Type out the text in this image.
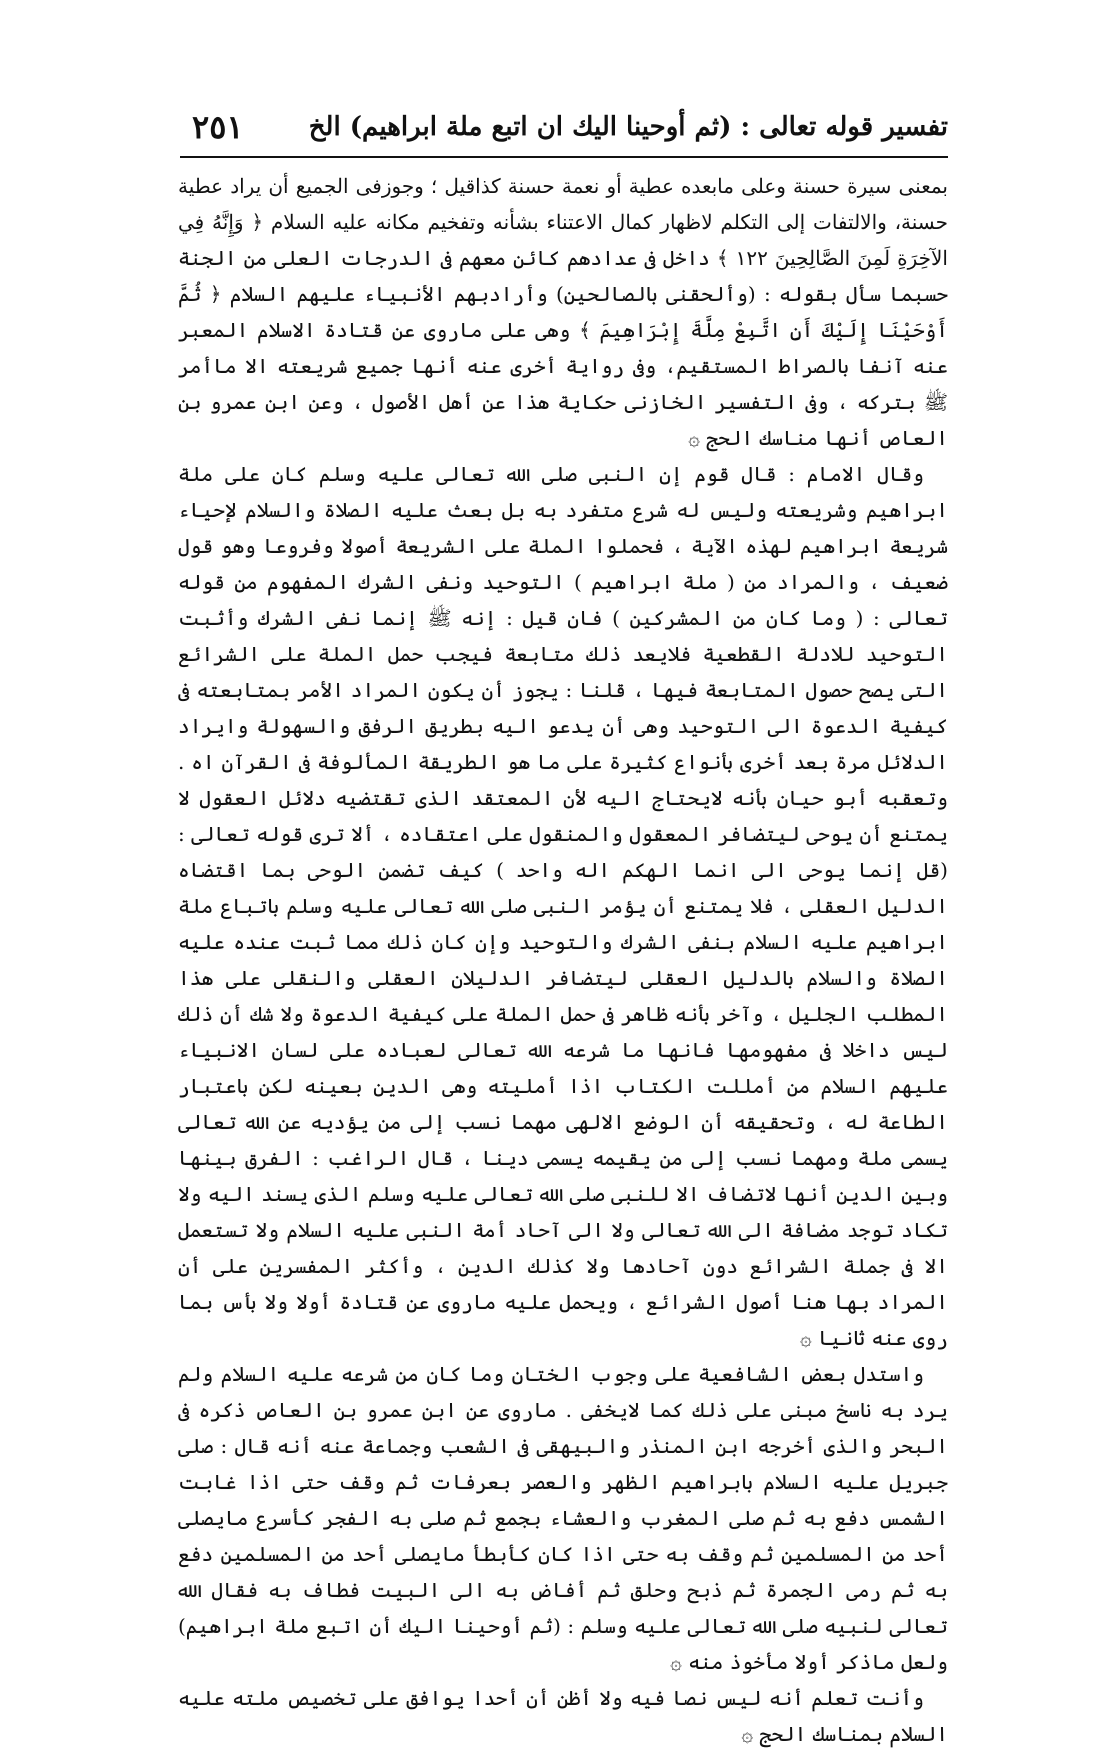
تفسير قوله تعالى : (ثم أوحينا اليك ان اتبع ملة ابراهيم) الخ
٢٥١

بمعنى سيرة حسنة وعلى مابعده عطية أو نعمة حسنة كذاقيل ؛ وجوزفى الجميع أن يراد عطية حسنة، والالتفات إلى التكلم لاظهار كمال الاعتناء بشأنه وتفخيم مكانه عليه السلام ﴿ وَإِنَّهُ فِي الآخِرَةِ لَمِنَ الصَّالِحِينَ ١٢٢ ﴾ داخل فى عدادهم كائن معهم فى الدرجات العلى من الجنة حسبما سأل بقوله : (وألحقنى بالصالحين) وأرادبهم الأنبياء عليهم السلام ﴿ ثُمَّ أَوْحَيْنَا إِلَيْكَ أَنِ اتَّبِعْ مِلَّةَ إِبْرَاهِيمَ ﴾ وهى على ماروى عن قتادة الاسلام المعبر عنه آنفا بالصراط المستقيم، وفى رواية أخرى عنه أنها جميع شريعته الا ماأمر ﷺ بتركه ، وفى التفسير الخازنى حكاية هذا عن أهل الأصول ، وعن ابن عمرو بن العاص أنها مناسك الحج ۞

وقال الامام : قال قوم إن النبى صلى الله تعالى عليه وسلم كان على ملة ابراهيم وشريعته وليس له شرع متفرد به بل بعث عليه الصلاة والسلام لإحياء شريعة ابراهيم لهذه الآية ، فحملوا الملة على الشريعة أصولا وفروعا وهو قول ضعيف ، والمراد من ( ملة ابراهيم ) التوحيد ونفى الشرك المفهوم من قوله تعالى : ( وما كان من المشركين ) فان قيل : إنه ﷺ إنما نفى الشرك وأثبت التوحيد للادلة القطعية فلايعد ذلك متابعة فيجب حمل الملة على الشرائع التى يصح حصول المتابعة فيها ، قلنا : يجوز أن يكون المراد الأمر بمتابعته فى كيفية الدعوة الى التوحيد وهى أن يدعو اليه بطريق الرفق والسهولة وايراد الدلائل مرة بعد أخرى بأنواع كثيرة على ما هو الطريقة المألوفة فى القرآن اه . وتعقبه أبو حيان بأنه لايحتاج اليه لأن المعتقد الذى تقتضيه دلائل العقول لا يمتنع أن يوحى ليتضافر المعقول والمنقول على اعتقاده ، ألا ترى قوله تعالى : (قل إنما يوحى الى انما الهكم اله واحد ) كيف تضمن الوحى بما اقتضاه الدليل العقلى ، فلا يمتنع أن يؤمر النبى صلى الله تعالى عليه وسلم باتباع ملة ابراهيم عليه السلام بنفى الشرك والتوحيد وإن كان ذلك مما ثبت عنده عليه الصلاة والسلام بالدليل العقلى ليتضافر الدليلان العقلى والنقلى على هذا المطلب الجليل ، وآخر بأنه ظاهر فى حمل الملة على كيفية الدعوة ولا شك أن ذلك ليس داخلا فى مفهومها فانها ما شرعه الله تعالى لعباده على لسان الانبياء عليهم السلام من أمللت الكتاب اذا أمليته وهى الدين بعينه لكن باعتبار الطاعة له ، وتحقيقه أن الوضع الالهى مهما نسب إلى من يؤديه عن الله تعالى يسمى ملة ومهما نسب إلى من يقيمه يسمى دينا ، قال الراغب : الفرق بينها وبين الدين أنها لاتضاف الا للنبى صلى الله تعالى عليه وسلم الذى يسند اليه ولا تكاد توجد مضافة الى الله تعالى ولا الى آحاد أمة النبى عليه السلام ولا تستعمل الا فى جملة الشرائع دون آحادها ولا كذلك الدين ، وأكثر المفسرين على أن المراد بها هنا أصول الشرائع ، ويحمل عليه ماروى عن قتادة أولا ولا بأس بما روى عنه ثانيا ۞

واستدل بعض الشافعية على وجوب الختان وما كان من شرعه عليه السلام ولم يرد به ناسخ مبنى على ذلك كما لايخفى . ماروى عن ابن عمرو بن العاص ذكره فى البحر والذى أخرجه ابن المنذر والبيهقى فى الشعب وجماعة عنه أنه قال : صلى جبريل عليه السلام بابراهيم الظهر والعصر بعرفات ثم وقف حتى اذا غابت الشمس دفع به ثم صلى المغرب والعشاء بجمع ثم صلى به الفجر كأسرع مايصلى أحد من المسلمين ثم وقف به حتى اذا كان كأبطأ مايصلى أحد من المسلمين دفع به ثم رمى الجمرة ثم ذبح وحلق ثم أفاض به الى البيت فطاف به فقال الله تعالى لنبيه صلى الله تعالى عليه وسلم : (ثم أوحينا اليك أن اتبع ملة ابراهيم) ولعل ماذكر أولا مأخوذ منه ۞

وأنت تعلم أنه ليس نصا فيه ولا أظن أن أحدا يوافق على تخصيص ملته عليه السلام بمناسك الحج ۞
